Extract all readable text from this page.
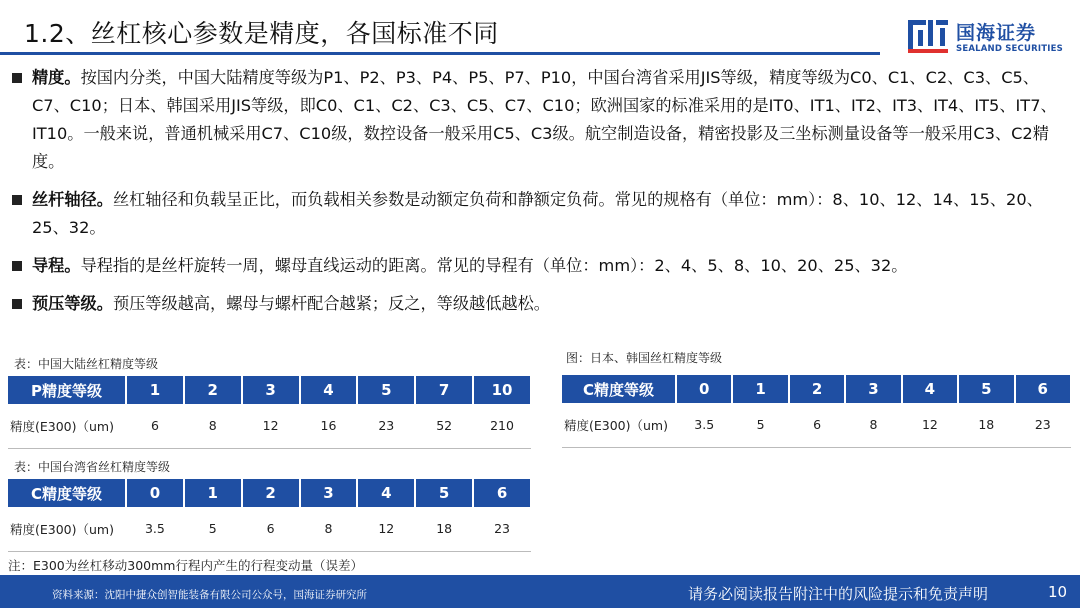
1.2、丝杠核心参数是精度，各国标准不同	国海证券
SEALAND SECURITIES
精度。按国内分类，中国大陆精度等级为P1、P2、P3、P4、P5、P7、P10，中国台湾省采用JIS等级，精度等级为C0、C1、C2、C3、C5、C7、C10；日本、韩国采用JIS等级，即C0、C1、C2、C3、C5、C7、C10；欧洲国家的标准采用的是IT0、IT1、IT2、IT3、IT4、IT5、IT7、IT10。一般来说，普通机械采用C7、C10级，数控设备一般采用C5、C3级。航空制造设备，精密投影及三坐标测量设备等一般采用C3、C2精度。
丝杆轴径。丝杠轴径和负载呈正比，而负载相关参数是动额定负荷和静额定负荷。常见的规格有（单位：mm）：8、10、12、14、15、20、25、32。
导程。导程指的是丝杆旋转一周，螺母直线运动的距离。常见的导程有（单位：mm）：2、4、5、8、10、20、25、32。
预压等级。预压等级越高，螺母与螺杆配合越紧；反之，等级越低越松。
表：中国大陆丝杠精度等级
P精度等级	1	2	3	4	5	7	10
精度(E300)（um)	6	8	12	16	23	52	210
表：中国台湾省丝杠精度等级
C精度等级	0	1	2	3	4	5	6
精度(E300)（um)	3.5	5	6	8	12	18	23
图：日本、韩国丝杠精度等级
C精度等级	0	1	2	3	4	5	6
精度(E300)（um)	3.5	5	6	8	12	18	23
注：E300为丝杠移动300mm行程内产生的行程变动量（误差）
资料来源：沈阳中捷众创智能装备有限公司公众号，国海证券研究所	请务必阅读报告附注中的风险提示和免责声明	10
